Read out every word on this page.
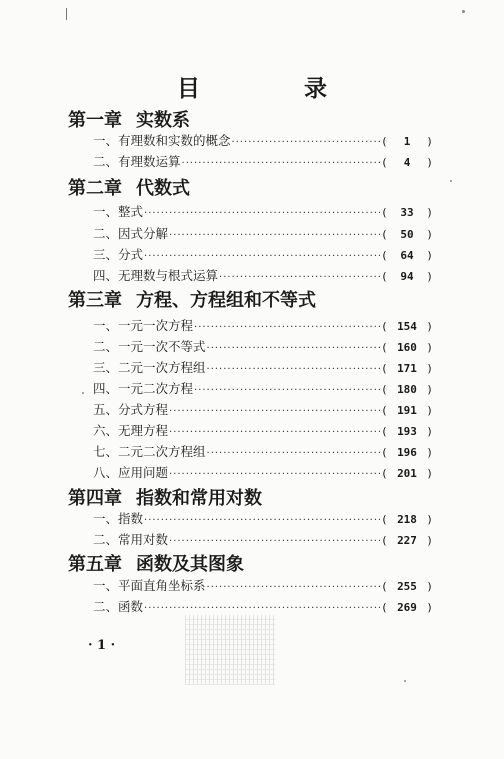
目 录
第一章 实数系
一、有理数和实数的概念 ·····	(	1	)
二、有理数运算 ·····	(	4	)
第二章 代数式
一、整式 ·····	(	33	)
二、因式分解 ·····	(	50	)
三、分式 ·····	(	64	)
四、无理数与根式运算 ·····	(	94	)
第三章 方程、方程组和不等式
一、一元一次方程 ·····	( 154 )
二、一元一次不等式 ·····	( 160 )
三、二元一次方程组 ·····	( 171 )
四、一元二次方程 ·····	( 180 )
五、分式方程 ·····	( 191 )
六、无理方程 ·····	( 193 )
七、二元二次方程组 ·····	( 196 )
八、应用问题 ·····	( 201 )
第四章 指数和常用对数
一、指数 ·····	( 218 )
二、常用对数 ·····	( 227 )
第五章 函数及其图象
一、平面直角坐标系 ·····	( 255 )
二、函数 ·····	( 269 )
· 1 ·
